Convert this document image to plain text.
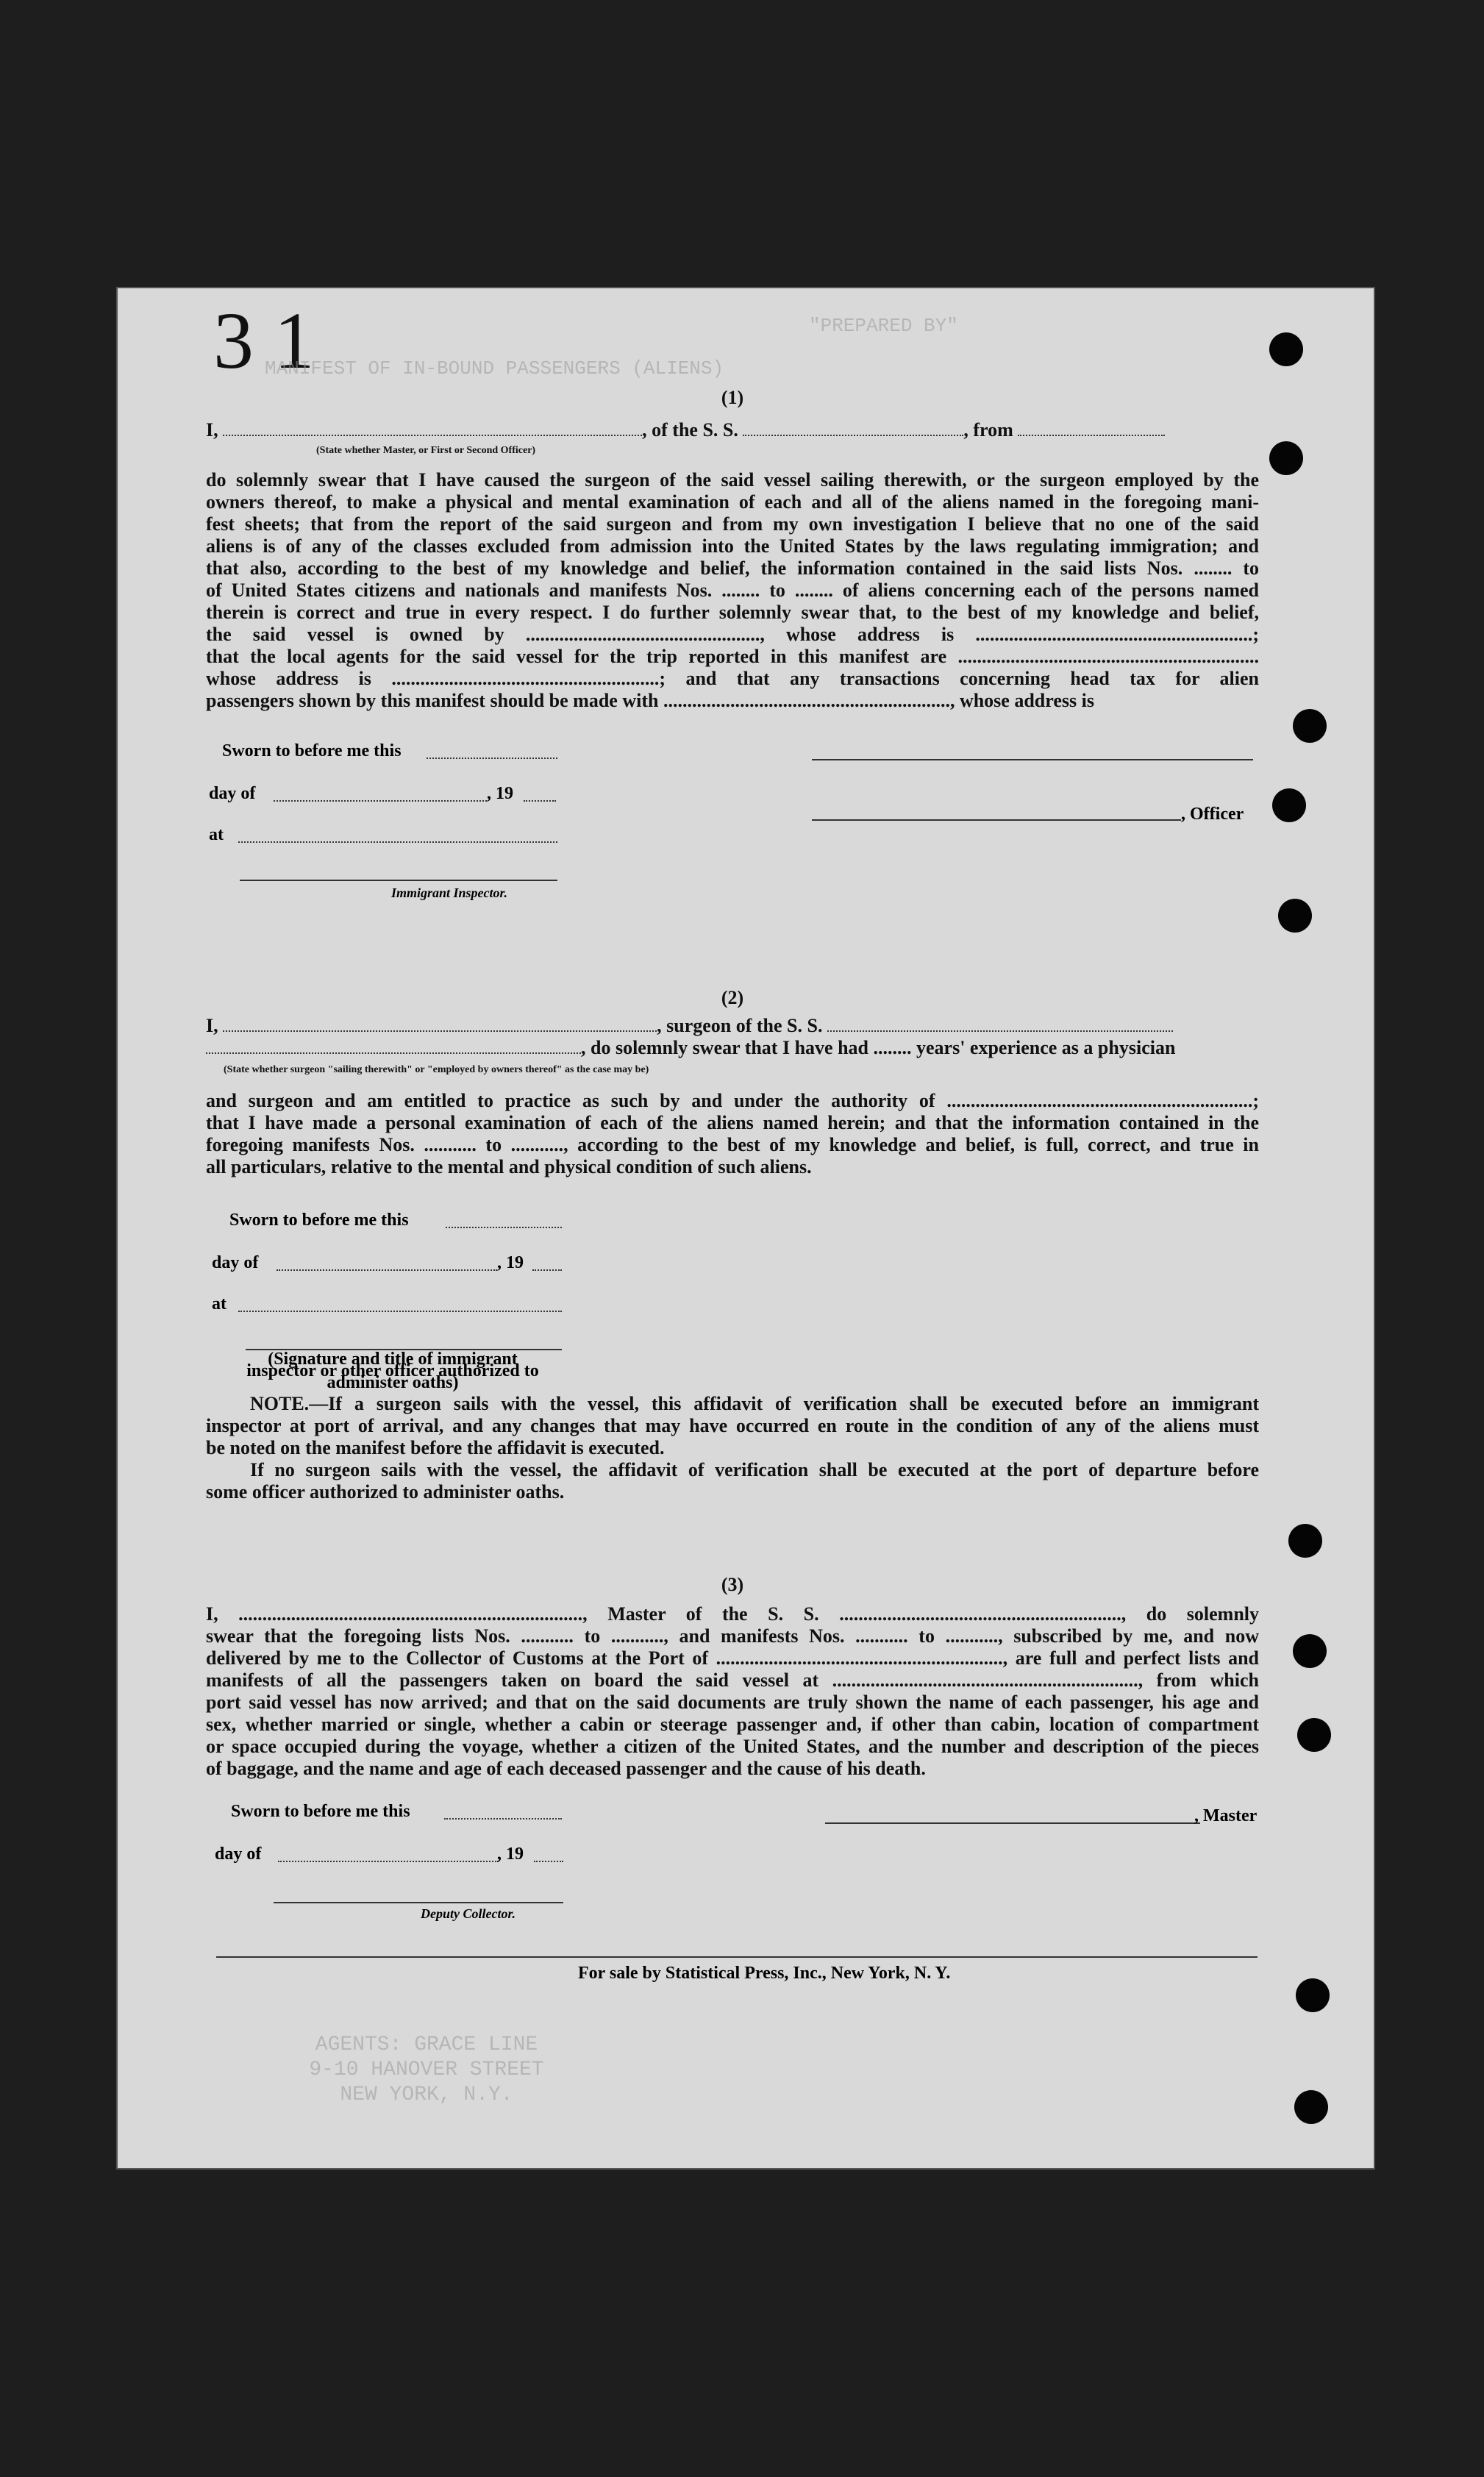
3 1	"PREPARED BY"
MANIFEST OF IN-BOUND PASSENGERS (ALIENS)
(1)
I,	, of the S. S.	, from
(State whether Master, or First or Second Officer)
do solemnly swear that I have caused the surgeon of the said vessel sailing therewith, or the surgeon employed by the
owners thereof, to make a physical and mental examination of each and all of the aliens named in the foregoing mani-
fest sheets; that from the report of the said surgeon and from my own investigation I believe that no one of the said
aliens is of any of the classes excluded from admission into the United States by the laws regulating immigration; and
that also, according to the best of my knowledge and belief, the information contained in the said lists Nos. ........ to
of United States citizens and nationals and manifests Nos. ........ to ........ of aliens concerning each of the persons named
therein is correct and true in every respect. I do further solemnly swear that, to the best of my knowledge and belief,
the said vessel is owned by ................................................., whose address is ..........................................................;
that the local agents for the said vessel for the trip reported in this manifest are ...............................................................
whose address is ........................................................; and that any transactions concerning head tax for alien
passengers shown by this manifest should be made with ............................................................, whose address is
Sworn to before me this
day of	, 19
at
Immigrant Inspector.
, Officer
(2)
I,	, surgeon of the S. S.
, do solemnly swear that I have had ........ years' experience as a physician
(State whether surgeon "sailing therewith" or "employed by owners thereof" as the case may be)
and surgeon and am entitled to practice as such by and under the authority of ................................................................;
that I have made a personal examination of each of the aliens named herein; and that the information contained in the
foregoing manifests Nos. ........... to ..........., according to the best of my knowledge and belief, is full, correct, and true in
all particulars, relative to the mental and physical condition of such aliens.
Sworn to before me this
day of	, 19
at
(Signature and title of immigrant inspector or other officer authorized to administer oaths)
NOTE.—If a surgeon sails with the vessel, this affidavit of verification shall be executed before an immigrant
inspector at port of arrival, and any changes that may have occurred en route in the condition of any of the aliens must
be noted on the manifest before the affidavit is executed.
If no surgeon sails with the vessel, the affidavit of verification shall be executed at the port of departure before
some officer authorized to administer oaths.
(3)
I, ........................................................................, Master of the S. S. ..........................................................., do solemnly
swear that the foregoing lists Nos. ........... to ..........., and manifests Nos. ........... to ..........., subscribed by me, and now
delivered by me to the Collector of Customs at the Port of ............................................................, are full and perfect lists and
manifests of all the passengers taken on board the said vessel at ................................................................, from which
port said vessel has now arrived; and that on the said documents are truly shown the name of each passenger, his age and
sex, whether married or single, whether a cabin or steerage passenger and, if other than cabin, location of compartment
or space occupied during the voyage, whether a citizen of the United States, and the number and description of the pieces
of baggage, and the name and age of each deceased passenger and the cause of his death.
Sworn to before me this	, Master
day of	, 19
Deputy Collector.
For sale by Statistical Press, Inc., New York, N. Y.
AGENTS: GRACE LINE
9-10 HANOVER STREET
NEW YORK, N.Y.
